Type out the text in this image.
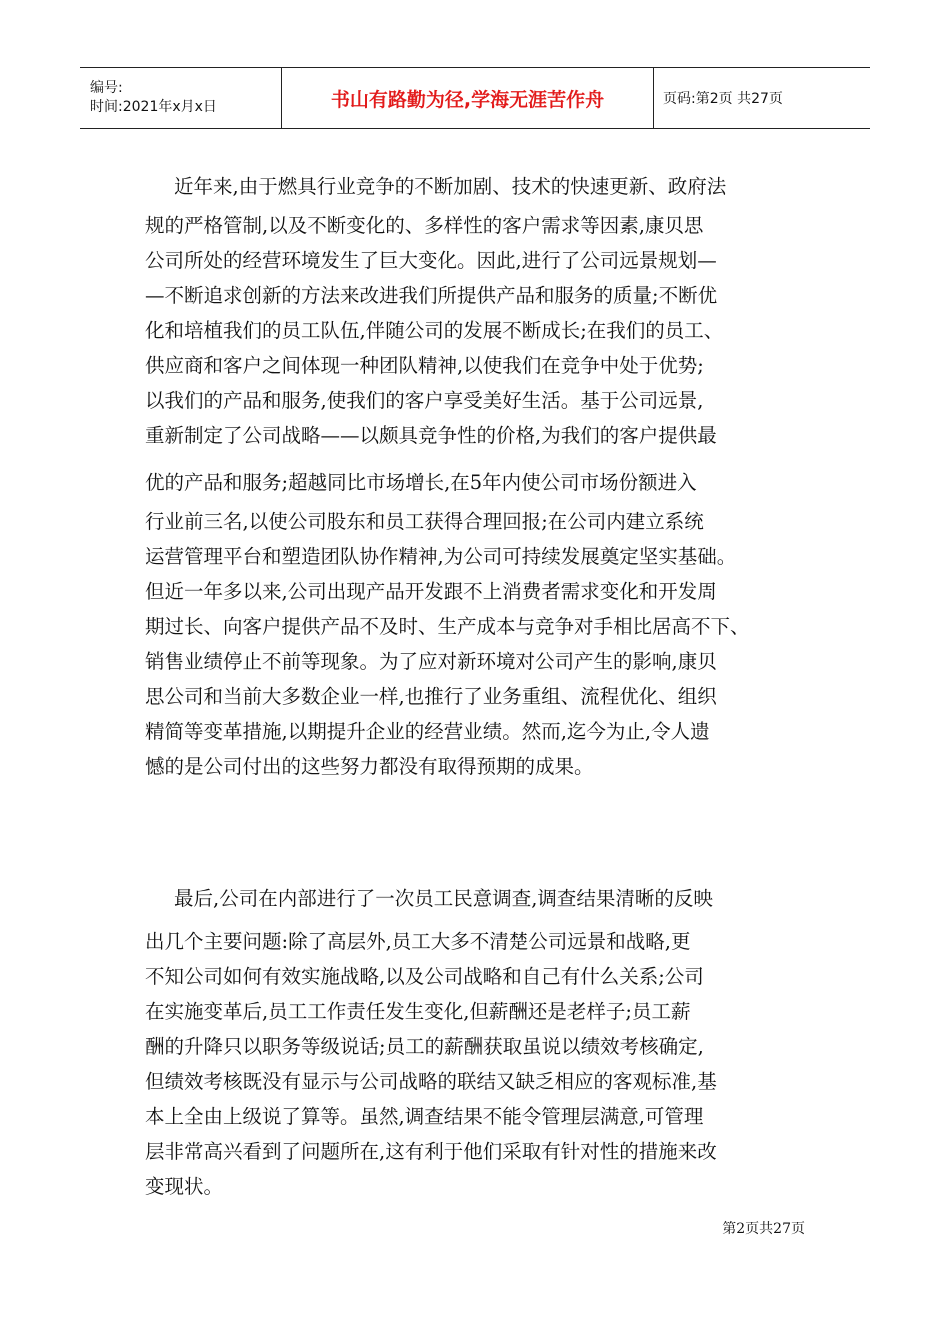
编号:
时间:2021年x月x日	书山有路勤为径,学海无涯苦作舟	页码:第2页 共27页
近年来,由于燃具行业竞争的不断加剧、技术的快速更新、政府法
规的严格管制,以及不断变化的、多样性的客户需求等因素,康贝思
公司所处的经营环境发生了巨大变化。因此,进行了公司远景规划—
—不断追求创新的方法来改进我们所提供产品和服务的质量;不断优
化和培植我们的员工队伍,伴随公司的发展不断成长;在我们的员工、
供应商和客户之间体现一种团队精神,以使我们在竞争中处于优势;
以我们的产品和服务,使我们的客户享受美好生活。基于公司远景,
重新制定了公司战略——以颇具竞争性的价格,为我们的客户提供最
优的产品和服务;超越同比市场增长,在5年内使公司市场份额进入
行业前三名,以使公司股东和员工获得合理回报;在公司内建立系统
运营管理平台和塑造团队协作精神,为公司可持续发展奠定坚实基础。
但近一年多以来,公司出现产品开发跟不上消费者需求变化和开发周
期过长、向客户提供产品不及时、生产成本与竞争对手相比居高不下、
销售业绩停止不前等现象。为了应对新环境对公司产生的影响,康贝
思公司和当前大多数企业一样,也推行了业务重组、流程优化、组织
精简等变革措施,以期提升企业的经营业绩。然而,迄今为止,令人遗
憾的是公司付出的这些努力都没有取得预期的成果。
最后,公司在内部进行了一次员工民意调查,调查结果清晰的反映
出几个主要问题:除了高层外,员工大多不清楚公司远景和战略,更
不知公司如何有效实施战略,以及公司战略和自己有什么关系;公司
在实施变革后,员工工作责任发生变化,但薪酬还是老样子;员工薪
酬的升降只以职务等级说话;员工的薪酬获取虽说以绩效考核确定,
但绩效考核既没有显示与公司战略的联结又缺乏相应的客观标准,基
本上全由上级说了算等。虽然,调查结果不能令管理层满意,可管理
层非常高兴看到了问题所在,这有利于他们采取有针对性的措施来改
变现状。
第2页共27页
